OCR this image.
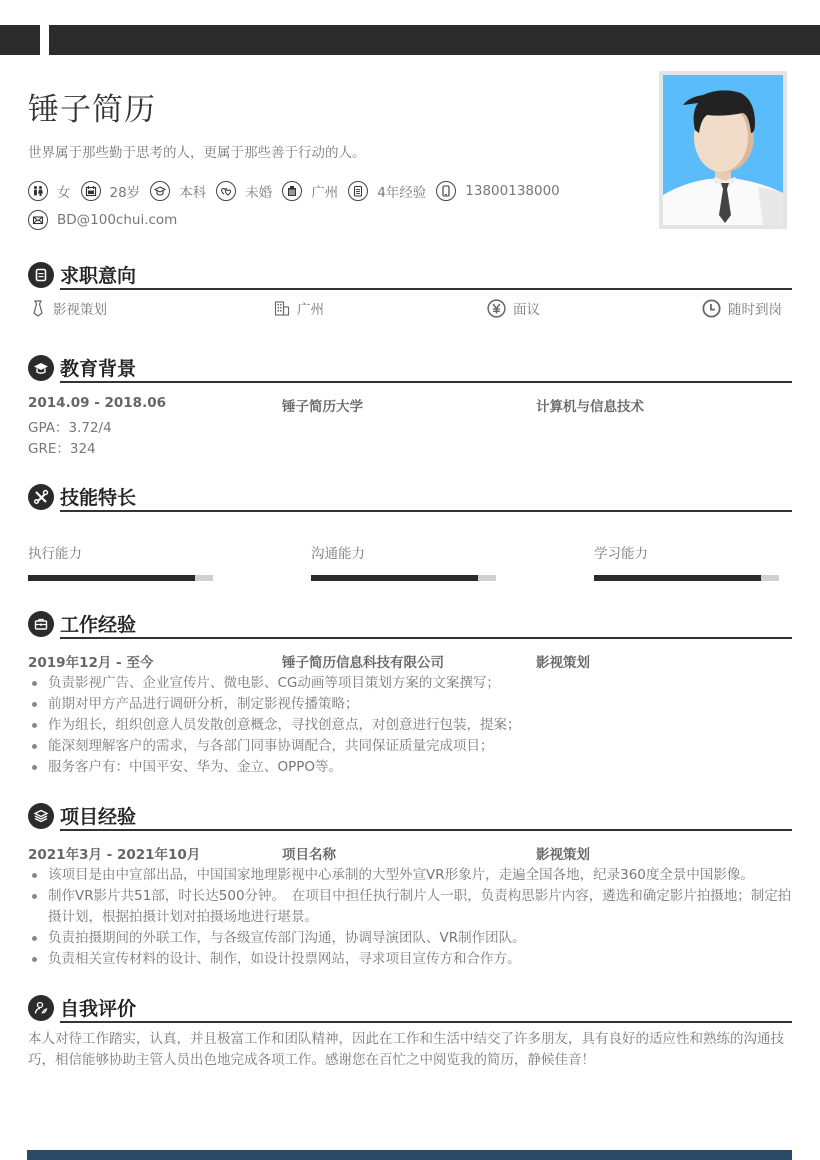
锤子简历
世界属于那些勤于思考的人，更属于那些善于行动的人。
女	28岁	本科	未婚	广州	4年经验	13800138000
BD@100chui.com
求职意向
影视策划	广州	面议	随时到岗
教育背景
2014.09 - 2018.06	锤子简历大学	计算机与信息技术
GPA：3.72/4
GRE：324
技能特长
执行能力	沟通能力	学习能力
工作经验
2019年12月 - 至今	锤子简历信息科技有限公司	影视策划
负责影视广告、企业宣传片、微电影、CG动画等项目策划方案的文案撰写；
前期对甲方产品进行调研分析，制定影视传播策略；
作为组长，组织创意人员发散创意概念，寻找创意点，对创意进行包装，提案；
能深刻理解客户的需求，与各部门同事协调配合，共同保证质量完成项目；
服务客户有：中国平安、华为、金立、OPPO等。
项目经验
2021年3月 - 2021年10月	项目名称	影视策划
该项目是由中宣部出品，中国国家地理影视中心承制的大型外宣VR形象片，走遍全国各地，纪录360度全景中国影像。
制作VR影片共51部，时长达500分钟。　在项目中担任执行制片人一职，负责构思影片内容，遴选和确定影片拍摄地；制定拍摄计划，根据拍摄计划对拍摄场地进行堪景。
负责拍摄期间的外联工作，与各级宣传部门沟通，协调导演团队、VR制作团队。
负责相关宣传材料的设计、制作，如设计投票网站，寻求项目宣传方和合作方。
自我评价
本人对待工作踏实，认真，并且极富工作和团队精神，因此在工作和生活中结交了许多朋友，具有良好的适应性和熟练的沟通技巧，相信能够协助主管人员出色地完成各项工作。感谢您在百忙之中阅览我的简历，静候佳音！
